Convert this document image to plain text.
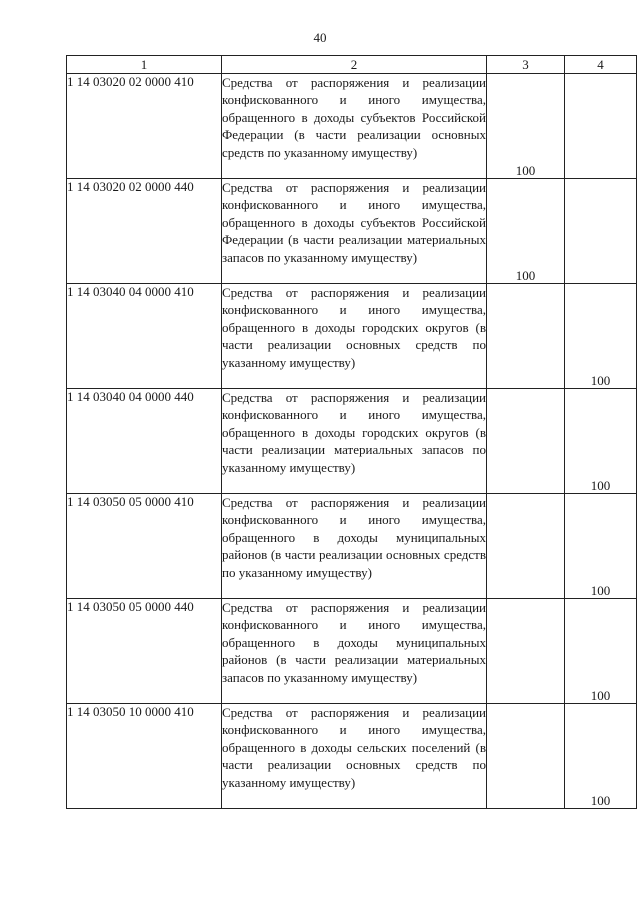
40
1	2	3	4
1 14 03020 02 0000 410	Средства от распоряжения и реализации конфискованного и иного имущества, обращенного в доходы субъектов Российской Федерации (в части реализации основных средств по указанному имуществу)	100	
1 14 03020 02 0000 440	Средства от распоряжения и реализации конфискованного и иного имущества, обращенного в доходы субъектов Российской Федерации (в части реализации материальных запасов по указанному имуществу)	100	
1 14 03040 04 0000 410	Средства от распоряжения и реализации конфискованного и иного имущества, обращенного в доходы городских округов (в части реализации основных средств по указанному имуществу)		100
1 14 03040 04 0000 440	Средства от распоряжения и реализации конфискованного и иного имущества, обращенного в доходы городских округов (в части реализации материальных запасов по указанному имуществу)		100
1 14 03050 05 0000 410	Средства от распоряжения и реализации конфискованного и иного имущества, обращенного в доходы муниципальных районов (в части реализации основных средств по указанному имуществу)		100
1 14 03050 05 0000 440	Средства от распоряжения и реализации конфискованного и иного имущества, обращенного в доходы муниципальных районов (в части реализации материальных запасов по указанному имуществу)		100
1 14 03050 10 0000 410	Средства от распоряжения и реализации конфискованного и иного имущества, обращенного в доходы сельских поселений (в части реализации основных средств по указанному имуществу)		100
